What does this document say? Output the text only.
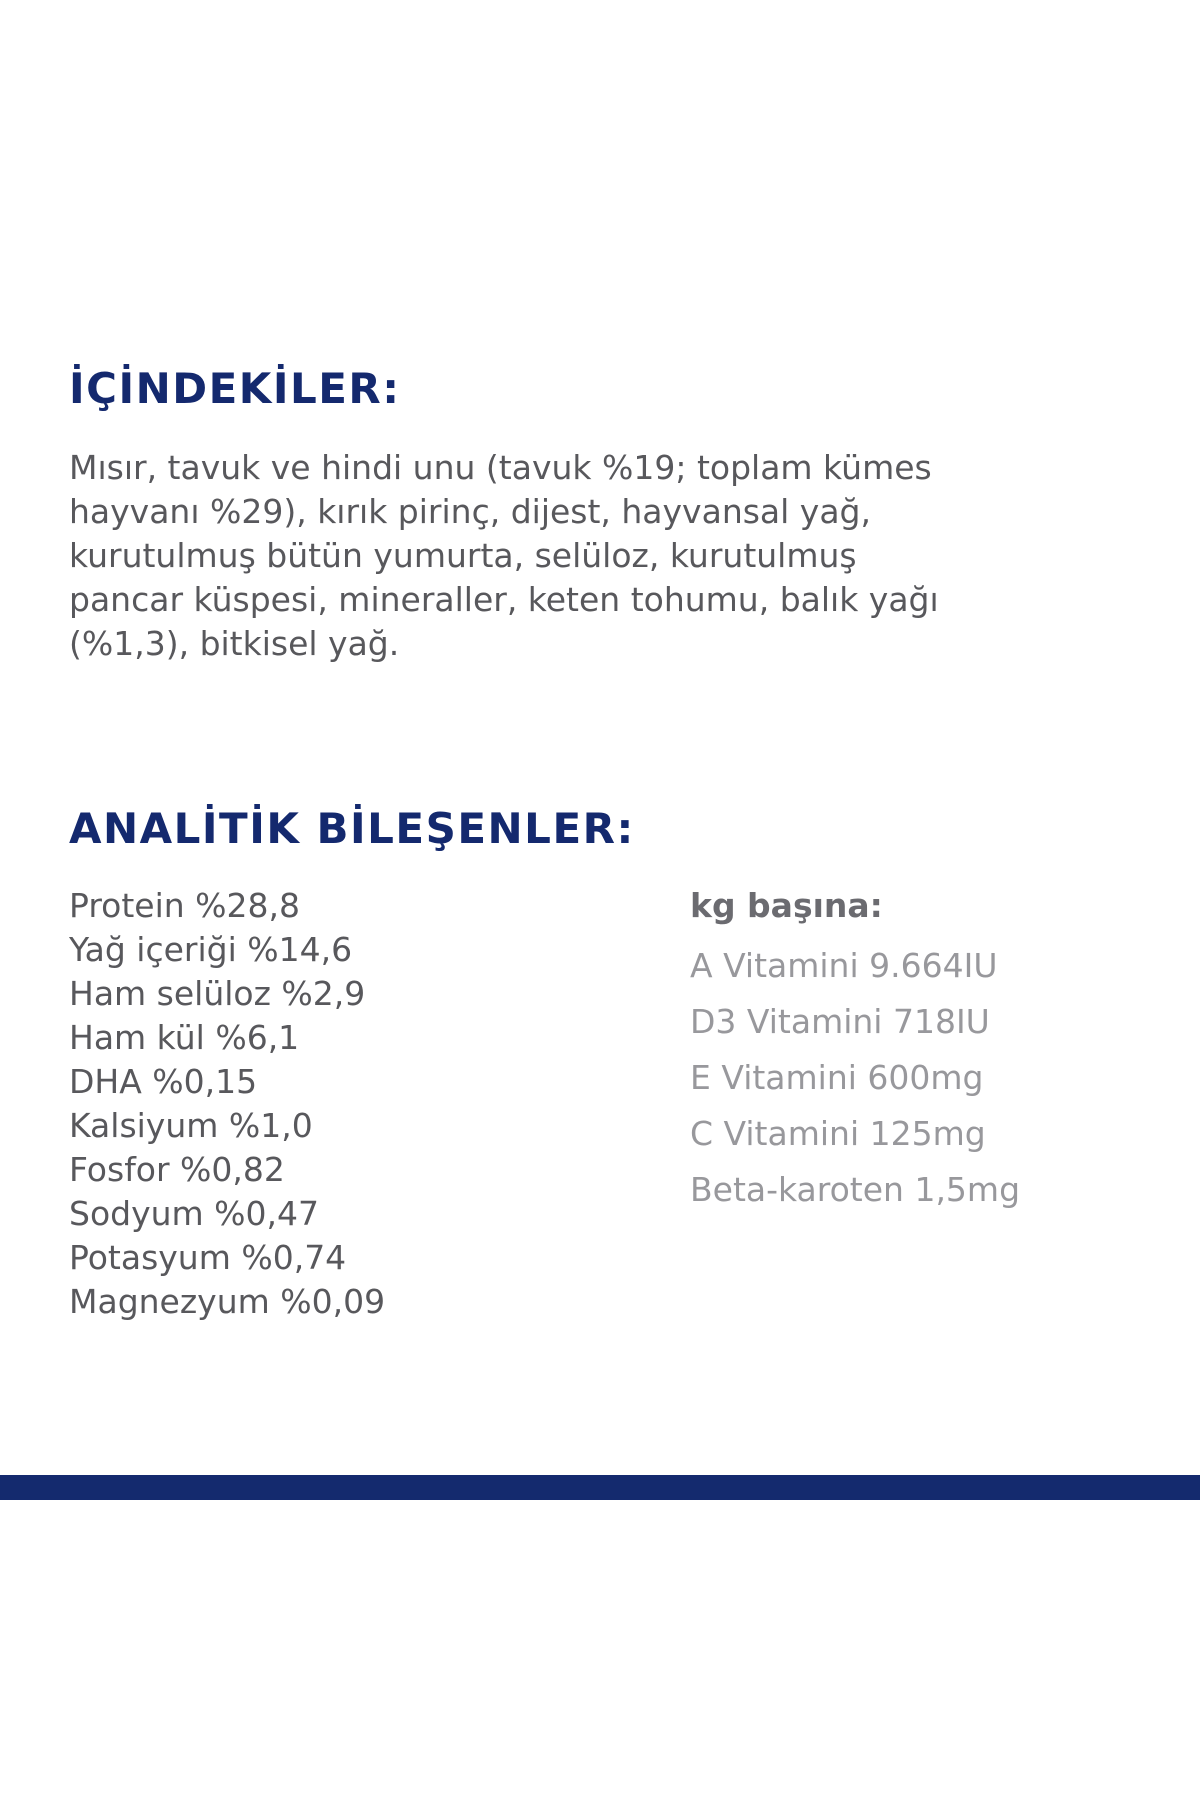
İÇİNDEKİLER:

Mısır, tavuk ve hindi unu (tavuk %19; toplam kümes
hayvanı %29), kırık pirinç, dijest, hayvansal yağ,
kurutulmuş bütün yumurta, selüloz, kurutulmuş
pancar küspesi, mineraller, keten tohumu, balık yağı
(%1,3), bitkisel yağ.

ANALİTİK BİLEŞENLER:
Protein %28,8
Yağ içeriği %14,6
Ham selüloz %2,9
Ham kül %6,1
DHA %0,15
Kalsiyum %1,0
Fosfor %0,82
Sodyum %0,47
Potasyum %0,74
Magnezyum %0,09

kg başına:

A Vitamini 9.664IU
D3 Vitamini 718IU
E Vitamini 600mg
C Vitamini 125mg
Beta-karoten 1,5mg
